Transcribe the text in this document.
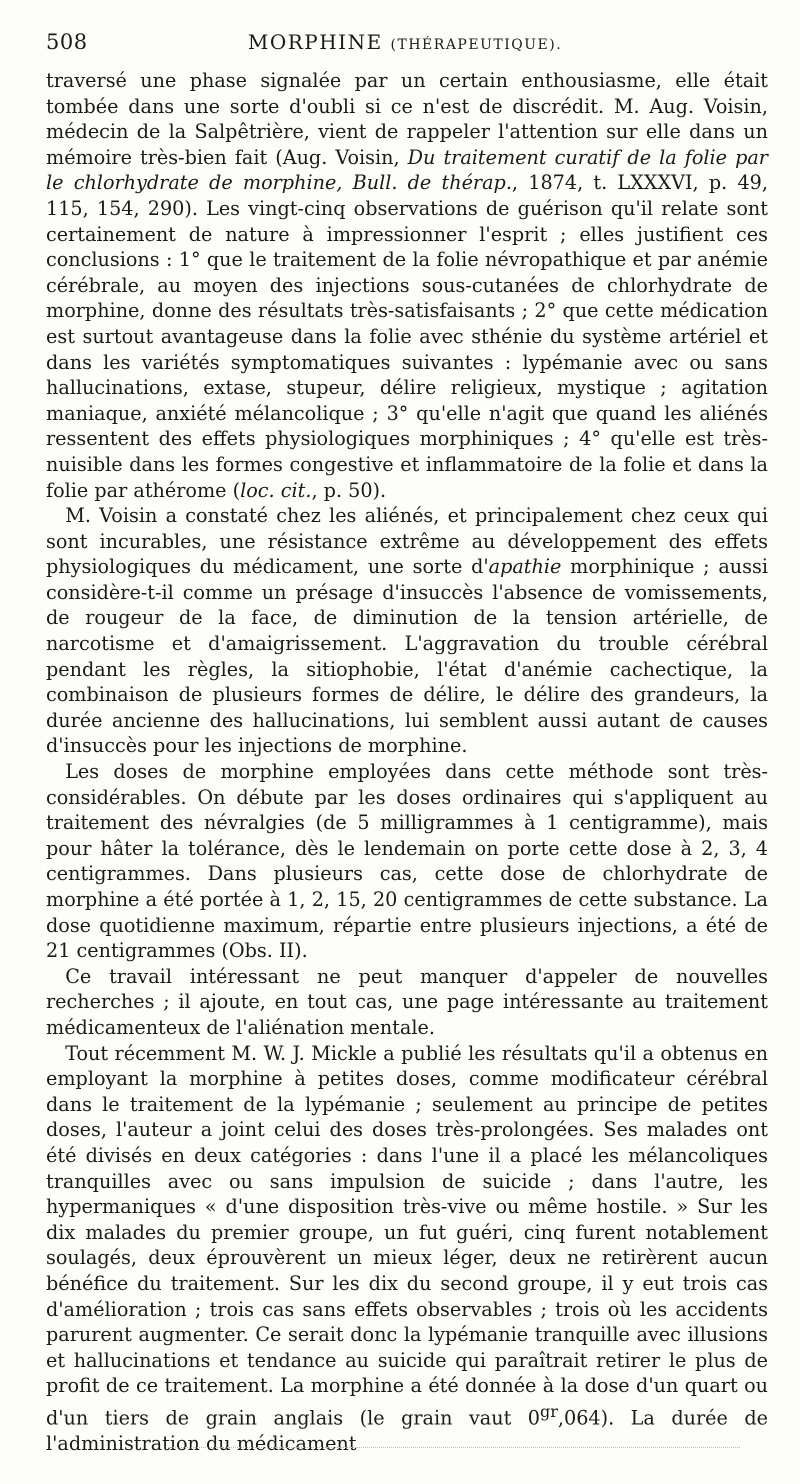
508	MORPHINE (THÉRAPEUTIQUE).

traversé une phase signalée par un certain enthousiasme, elle était tombée dans une sorte d'oubli si ce n'est de discrédit. M. Aug. Voisin, médecin de la Salpêtrière, vient de rappeler l'attention sur elle dans un mémoire très-bien fait (Aug. Voisin, Du traitement curatif de la folie par le chlorhydrate de morphine, Bull. de thérap., 1874, t. LXXXVI, p. 49, 115, 154, 290). Les vingt-cinq observations de guérison qu'il relate sont certainement de nature à impressionner l'esprit ; elles justifient ces conclusions : 1° que le traitement de la folie névropathique et par anémie cérébrale, au moyen des injections sous-cutanées de chlorhydrate de morphine, donne des résultats très-satisfaisants ; 2° que cette médication est surtout avantageuse dans la folie avec sthénie du système artériel et dans les variétés symptomatiques suivantes : lypémanie avec ou sans hallucinations, extase, stupeur, délire religieux, mystique ; agitation maniaque, anxiété mélancolique ; 3° qu'elle n'agit que quand les aliénés ressentent des effets physiologiques morphiniques ; 4° qu'elle est très-nuisible dans les formes congestive et inflammatoire de la folie et dans la folie par athérome (loc. cit., p. 50).

M. Voisin a constaté chez les aliénés, et principalement chez ceux qui sont incurables, une résistance extrême au développement des effets physiologiques du médicament, une sorte d'apathie morphinique ; aussi considère-t-il comme un présage d'insuccès l'absence de vomissements, de rougeur de la face, de diminution de la tension artérielle, de narcotisme et d'amaigrissement. L'aggravation du trouble cérébral pendant les règles, la sitiophobie, l'état d'anémie cachectique, la combinaison de plusieurs formes de délire, le délire des grandeurs, la durée ancienne des hallucinations, lui semblent aussi autant de causes d'insuccès pour les injections de morphine.

Les doses de morphine employées dans cette méthode sont très-considérables. On débute par les doses ordinaires qui s'appliquent au traitement des névralgies (de 5 milligrammes à 1 centigramme), mais pour hâter la tolérance, dès le lendemain on porte cette dose à 2, 3, 4 centigrammes. Dans plusieurs cas, cette dose de chlorhydrate de morphine a été portée à 1, 2, 15, 20 centigrammes de cette substance. La dose quotidienne maximum, répartie entre plusieurs injections, a été de 21 centigrammes (Obs. II).

Ce travail intéressant ne peut manquer d'appeler de nouvelles recherches ; il ajoute, en tout cas, une page intéressante au traitement médicamenteux de l'aliénation mentale.

Tout récemment M. W. J. Mickle a publié les résultats qu'il a obtenus en employant la morphine à petites doses, comme modificateur cérébral dans le traitement de la lypémanie ; seulement au principe de petites doses, l'auteur a joint celui des doses très-prolongées. Ses malades ont été divisés en deux catégories : dans l'une il a placé les mélancoliques tranquilles avec ou sans impulsion de suicide ; dans l'autre, les hypermaniques « d'une disposition très-vive ou même hostile. » Sur les dix malades du premier groupe, un fut guéri, cinq furent notablement soulagés, deux éprouvèrent un mieux léger, deux ne retirèrent aucun bénéfice du traitement. Sur les dix du second groupe, il y eut trois cas d'amélioration ; trois cas sans effets observables ; trois où les accidents parurent augmenter. Ce serait donc la lypémanie tranquille avec illusions et hallucinations et tendance au suicide qui paraîtrait retirer le plus de profit de ce traitement. La morphine a été donnée à la dose d'un quart ou d'un tiers de grain anglais (le grain vaut $0^{gr},064$). La durée de l'administration du médicament
